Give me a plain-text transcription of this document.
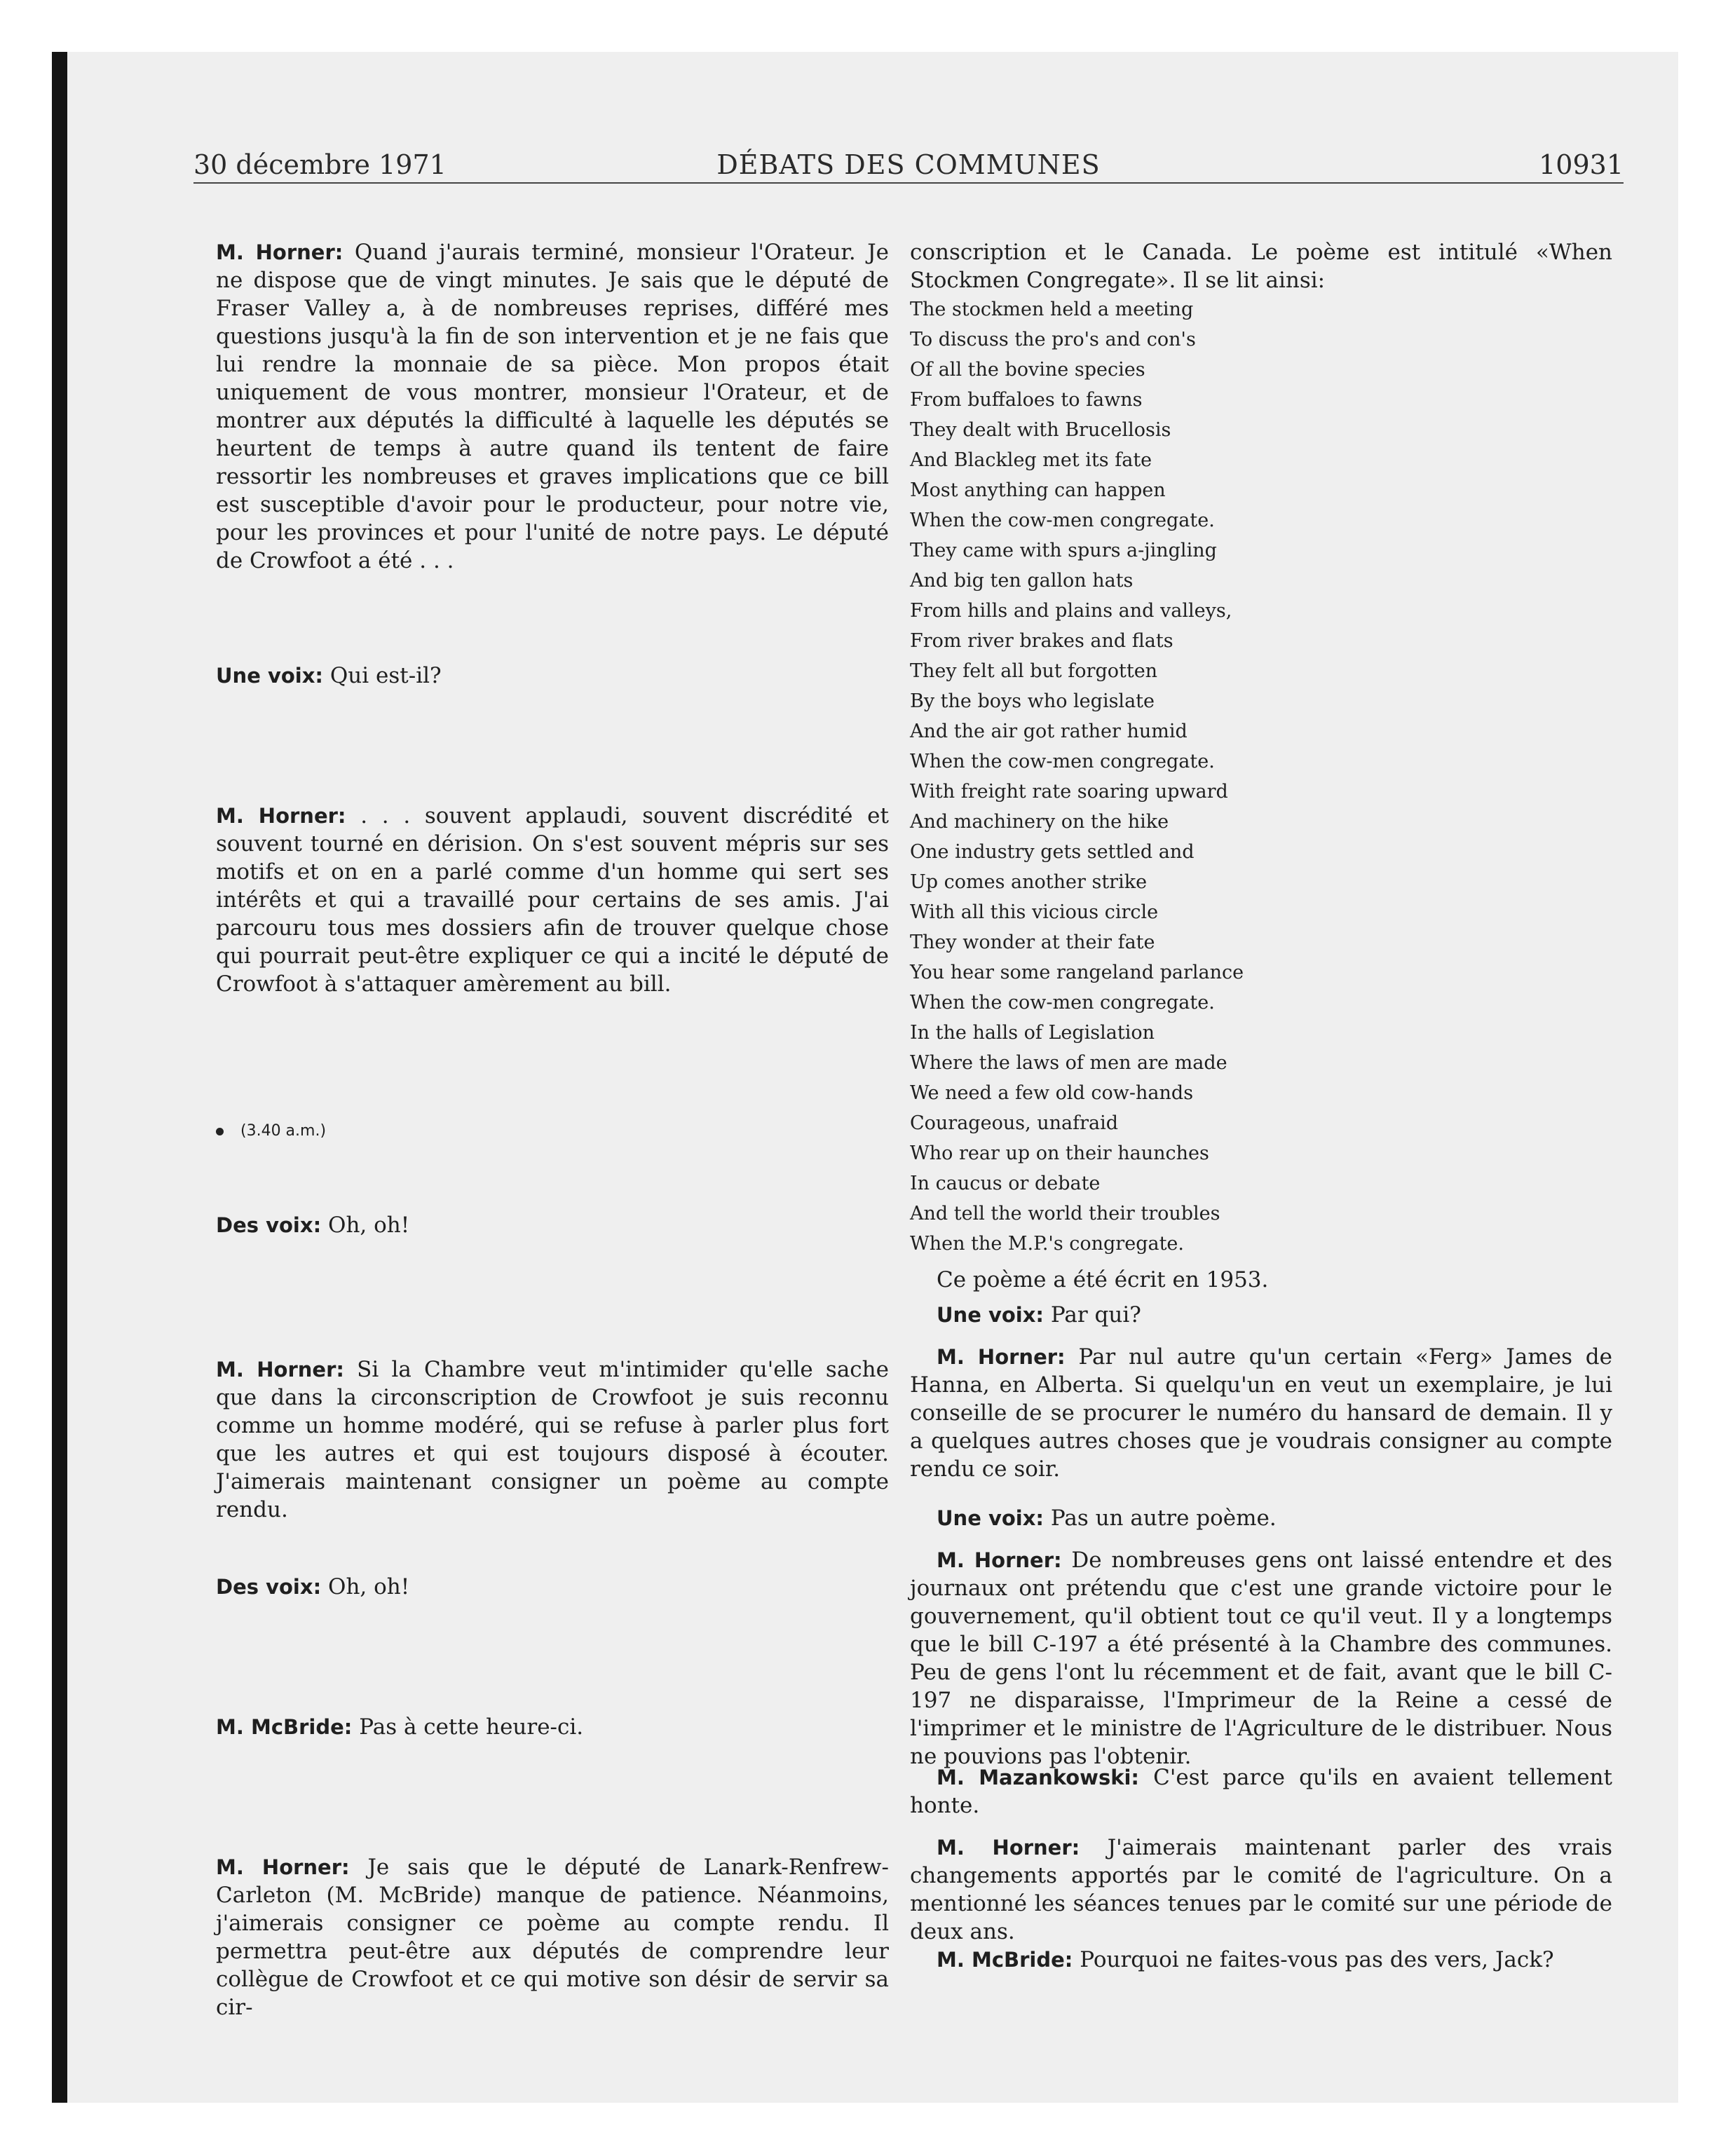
30 décembre 1971	DÉBATS DES COMMUNES	10931

M. Horner: Quand j'aurais terminé, monsieur l'Orateur. Je ne dispose que de vingt minutes. Je sais que le député de Fraser Valley a, à de nombreuses reprises, différé mes questions jusqu'à la fin de son intervention et je ne fais que lui rendre la monnaie de sa pièce. Mon propos était uniquement de vous montrer, monsieur l'Orateur, et de montrer aux députés la difficulté à laquelle les députés se heurtent de temps à autre quand ils tentent de faire ressortir les nombreuses et graves implications que ce bill est susceptible d'avoir pour le producteur, pour notre vie, pour les provinces et pour l'unité de notre pays. Le député de Crowfoot a été . . .

Une voix: Qui est-il?

M. Horner: . . . souvent applaudi, souvent discrédité et souvent tourné en dérision. On s'est souvent mépris sur ses motifs et on en a parlé comme d'un homme qui sert ses intérêts et qui a travaillé pour certains de ses amis. J'ai parcouru tous mes dossiers afin de trouver quelque chose qui pourrait peut-être expliquer ce qui a incité le député de Crowfoot à s'attaquer amèrement au bill.

(3.40 a.m.)

Des voix: Oh, oh!

M. Horner: Si la Chambre veut m'intimider qu'elle sache que dans la circonscription de Crowfoot je suis reconnu comme un homme modéré, qui se refuse à parler plus fort que les autres et qui est toujours disposé à écouter. J'aimerais maintenant consigner un poème au compte rendu.

Des voix: Oh, oh!

M. McBride: Pas à cette heure-ci.

M. Horner: Je sais que le député de Lanark-Renfrew-Carleton (M. McBride) manque de patience. Néanmoins, j'aimerais consigner ce poème au compte rendu. Il permettra peut-être aux députés de comprendre leur collègue de Crowfoot et ce qui motive son désir de servir sa cir-

conscription et le Canada. Le poème est intitulé «When Stockmen Congregate». Il se lit ainsi:

The stockmen held a meeting
To discuss the pro's and con's
Of all the bovine species
From buffaloes to fawns
They dealt with Brucellosis
And Blackleg met its fate
Most anything can happen
When the cow-men congregate.
They came with spurs a-jingling
And big ten gallon hats
From hills and plains and valleys,
From river brakes and flats
They felt all but forgotten
By the boys who legislate
And the air got rather humid
When the cow-men congregate.
With freight rate soaring upward
And machinery on the hike
One industry gets settled and
Up comes another strike
With all this vicious circle
They wonder at their fate
You hear some rangeland parlance
When the cow-men congregate.
In the halls of Legislation
Where the laws of men are made
We need a few old cow-hands
Courageous, unafraid
Who rear up on their haunches
In caucus or debate
And tell the world their troubles
When the M.P.'s congregate.

Ce poème a été écrit en 1953.

Une voix: Par qui?

M. Horner: Par nul autre qu'un certain «Ferg» James de Hanna, en Alberta. Si quelqu'un en veut un exemplaire, je lui conseille de se procurer le numéro du hansard de demain. Il y a quelques autres choses que je voudrais consigner au compte rendu ce soir.

Une voix: Pas un autre poème.

M. Horner: De nombreuses gens ont laissé entendre et des journaux ont prétendu que c'est une grande victoire pour le gouvernement, qu'il obtient tout ce qu'il veut. Il y a longtemps que le bill C-197 a été présenté à la Chambre des communes. Peu de gens l'ont lu récemment et de fait, avant que le bill C-197 ne disparaisse, l'Imprimeur de la Reine a cessé de l'imprimer et le ministre de l'Agriculture de le distribuer. Nous ne pouvions pas l'obtenir.

M. Mazankowski: C'est parce qu'ils en avaient tellement honte.

M. Horner: J'aimerais maintenant parler des vrais changements apportés par le comité de l'agriculture. On a mentionné les séances tenues par le comité sur une période de deux ans.

M. McBride: Pourquoi ne faites-vous pas des vers, Jack?
